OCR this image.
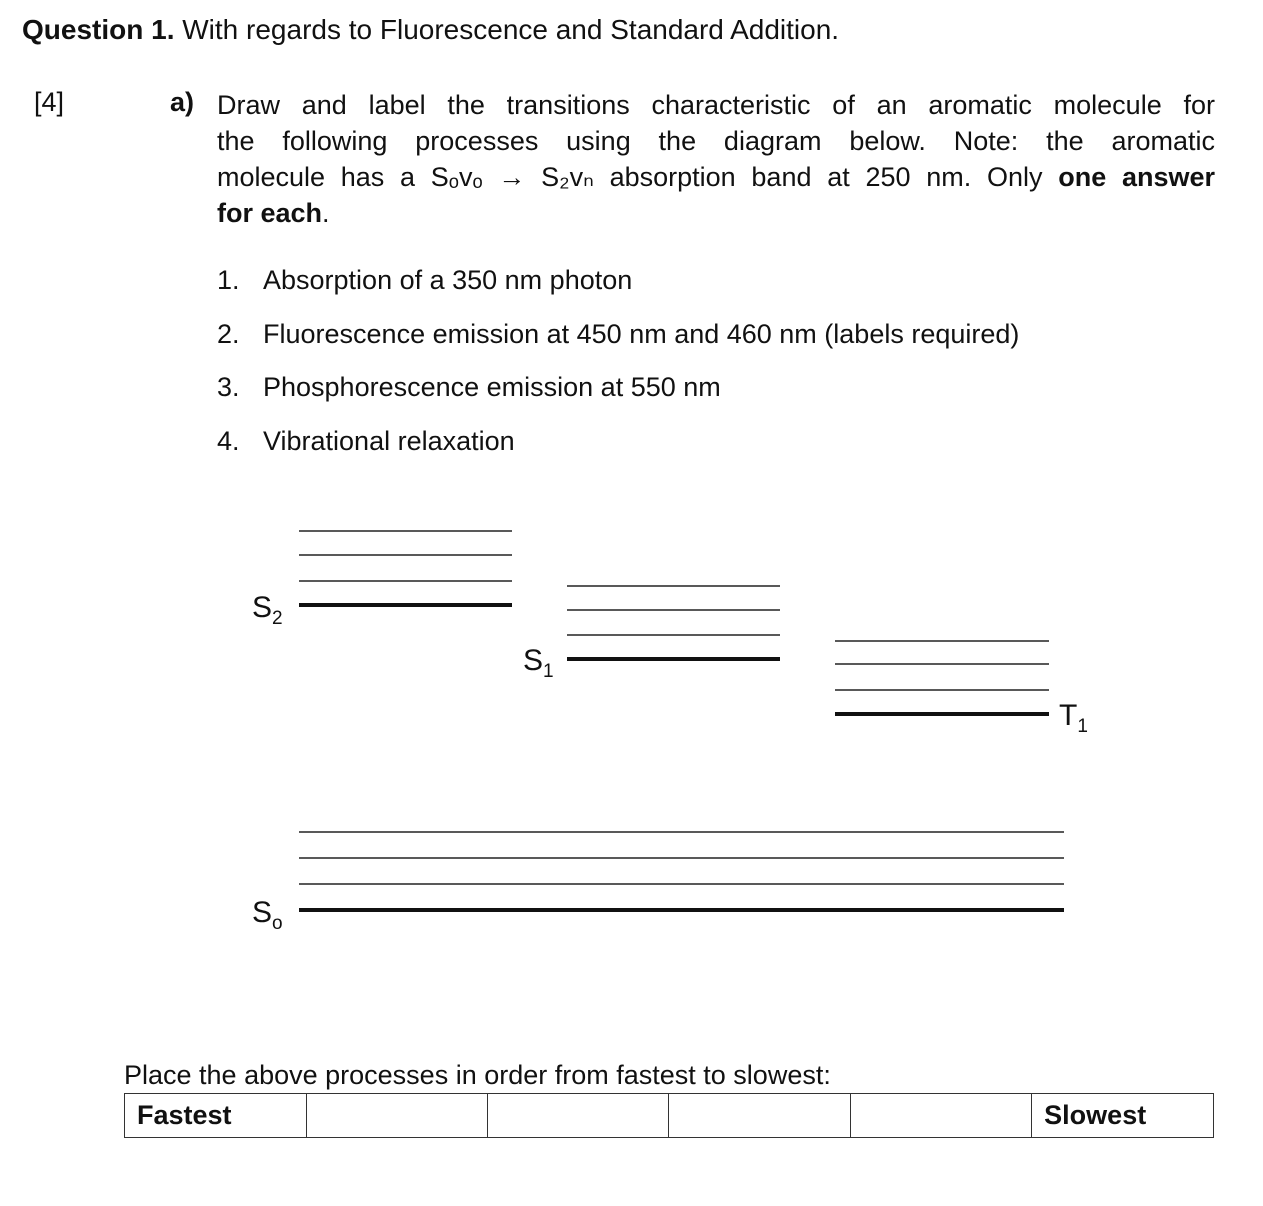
Question 1. With regards to Fluorescence and Standard Addition.
[4]	a) Draw and label the transitions characteristic of an aromatic molecule for
the following processes using the diagram below. Note: the aromatic
molecule has a Sₒvₒ → S₂vₙ absorption band at 250 nm. Only one answer
for each.
1. Absorption of a 350 nm photon
2. Fluorescence emission at 450 nm and 460 nm (labels required)
3. Phosphorescence emission at 550 nm
4. Vibrational relaxation
$S_2$
$S_1$
$T_1$
$S_o$
Place the above processes in order from fastest to slowest:
Fastest					Slowest
